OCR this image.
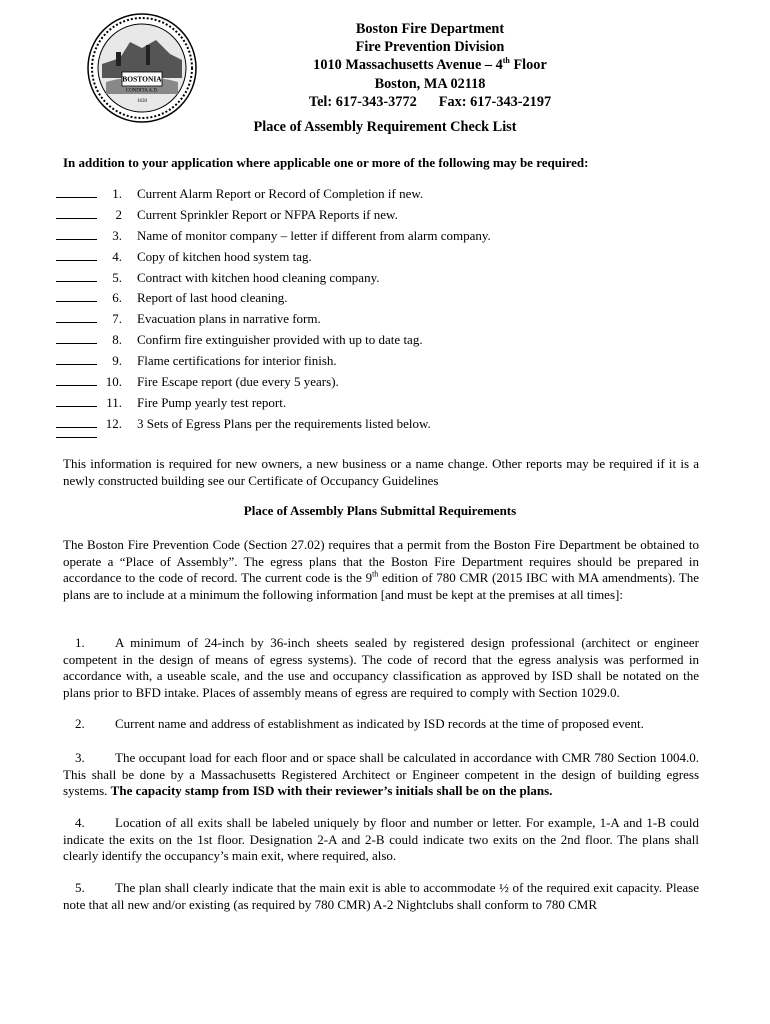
BOSTONIA
CONDITA A.D.
1630
Boston Fire Department
Fire Prevention Division
1010 Massachusetts Avenue – 4th Floor
Boston, MA 02118
Tel: 617-343-3772 Fax: 617-343-2197
Place of Assembly Requirement Check List
In addition to your application where applicable one or more of the following may be required:
1. Current Alarm Report or Record of Completion if new.
2 Current Sprinkler Report or NFPA Reports if new.
3. Name of monitor company – letter if different from alarm company.
4. Copy of kitchen hood system tag.
5. Contract with kitchen hood cleaning company.
6. Report of last hood cleaning.
7. Evacuation plans in narrative form.
8. Confirm fire extinguisher provided with up to date tag.
9. Flame certifications for interior finish.
10. Fire Escape report (due every 5 years).
11. Fire Pump yearly test report.
12. 3 Sets of Egress Plans per the requirements listed below.
This information is required for new owners, a new business or a name change. Other reports may be required if it is a newly constructed building see our Certificate of Occupancy Guidelines
Place of Assembly Plans Submittal Requirements
The Boston Fire Prevention Code (Section 27.02) requires that a permit from the Boston Fire Department be obtained to operate a “Place of Assembly”. The egress plans that the Boston Fire Department requires should be prepared in accordance to the code of record. The current code is the 9th edition of 780 CMR (2015 IBC with MA amendments). The plans are to include at a minimum the following information [and must be kept at the premises at all times]:
1. A minimum of 24-inch by 36-inch sheets sealed by registered design professional (architect or engineer competent in the design of means of egress systems). The code of record that the egress analysis was performed in accordance with, a useable scale, and the use and occupancy classification as approved by ISD shall be notated on the plans prior to BFD intake. Places of assembly means of egress are required to comply with Section 1029.0.
2. Current name and address of establishment as indicated by ISD records at the time of proposed event.
3. The occupant load for each floor and or space shall be calculated in accordance with CMR 780 Section 1004.0. This shall be done by a Massachusetts Registered Architect or Engineer competent in the design of building egress systems. The capacity stamp from ISD with their reviewer’s initials shall be on the plans.
4. Location of all exits shall be labeled uniquely by floor and number or letter. For example, 1-A and 1-B could indicate the exits on the 1st floor. Designation 2-A and 2-B could indicate two exits on the 2nd floor. The plans shall clearly identify the occupancy’s main exit, where required, also.
5. The plan shall clearly indicate that the main exit is able to accommodate ½ of the required exit capacity. Please note that all new and/or existing (as required by 780 CMR) A-2 Nightclubs shall conform to 780 CMR
